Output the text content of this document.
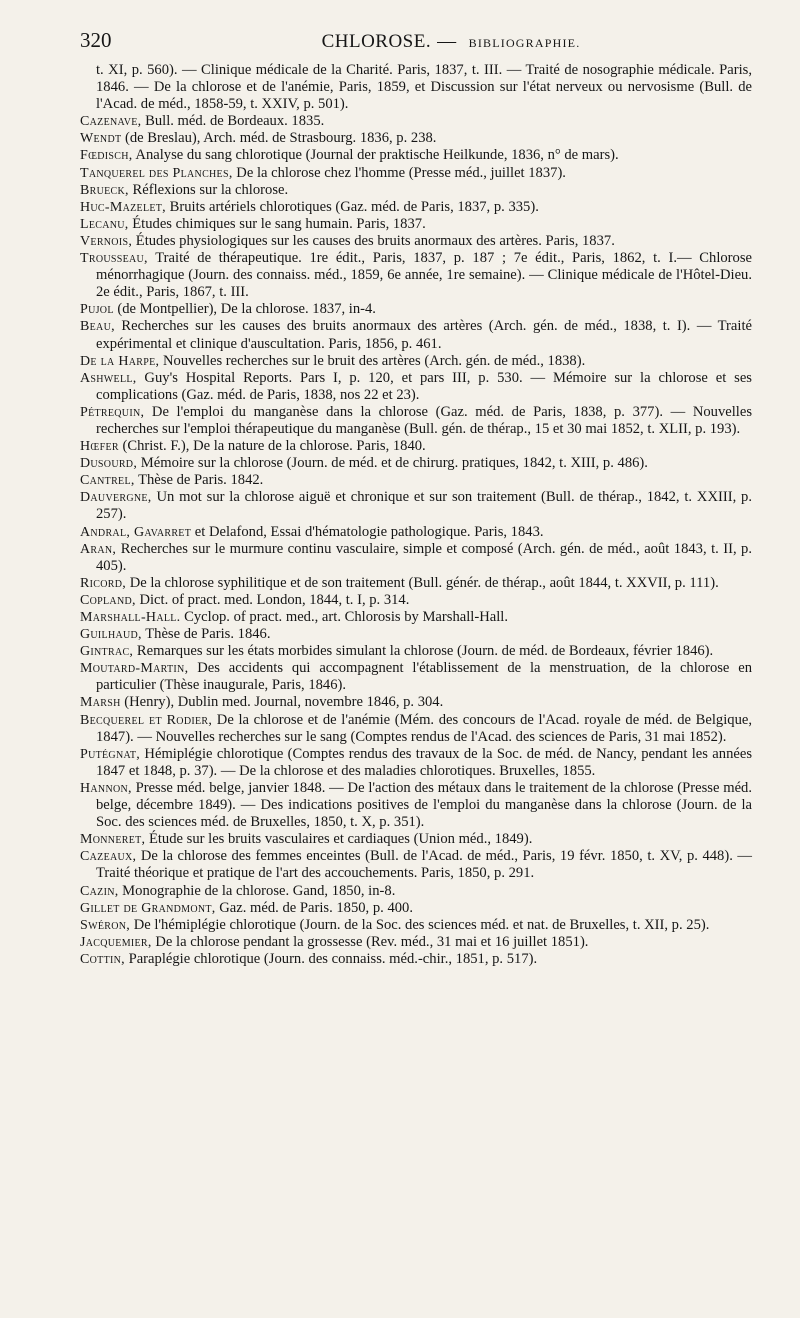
320	CHLOROSE. — BIBLIOGRAPHIE.
t. XI, p. 560). — Clinique médicale de la Charité. Paris, 1837, t. III. — Traité de nosographie médicale. Paris, 1846. — De la chlorose et de l'anémie, Paris, 1859, et Discussion sur l'état nerveux ou nervosisme (Bull. de l'Acad. de méd., 1858-59, t. XXIV, p. 501).
Cazenave, Bull. méd. de Bordeaux. 1835.
Wendt (de Breslau), Arch. méd. de Strasbourg. 1836, p. 238.
Fœdisch, Analyse du sang chlorotique (Journal der praktische Heilkunde, 1836, n° de mars).
Tanquerel des Planches, De la chlorose chez l'homme (Presse méd., juillet 1837).
Brueck, Réflexions sur la chlorose.
Huc-Mazelet, Bruits artériels chlorotiques (Gaz. méd. de Paris, 1837, p. 335).
Lecanu, Études chimiques sur le sang humain. Paris, 1837.
Vernois, Études physiologiques sur les causes des bruits anormaux des artères. Paris, 1837.
Trousseau, Traité de thérapeutique. 1re édit., Paris, 1837, p. 187 ; 7e édit., Paris, 1862, t. I.— Chlorose ménorrhagique (Journ. des connaiss. méd., 1859, 6e année, 1re semaine). — Clinique médicale de l'Hôtel-Dieu. 2e édit., Paris, 1867, t. III.
Pujol (de Montpellier), De la chlorose. 1837, in-4.
Beau, Recherches sur les causes des bruits anormaux des artères (Arch. gén. de méd., 1838, t. I). — Traité expérimental et clinique d'auscultation. Paris, 1856, p. 461.
De la Harpe, Nouvelles recherches sur le bruit des artères (Arch. gén. de méd., 1838).
Ashwell, Guy's Hospital Reports. Pars I, p. 120, et pars III, p. 530. — Mémoire sur la chlorose et ses complications (Gaz. méd. de Paris, 1838, nos 22 et 23).
Pétrequin, De l'emploi du manganèse dans la chlorose (Gaz. méd. de Paris, 1838, p. 377). — Nouvelles recherches sur l'emploi thérapeutique du manganèse (Bull. gén. de thérap., 15 et 30 mai 1852, t. XLII, p. 193).
Hœfer (Christ. F.), De la nature de la chlorose. Paris, 1840.
Dusourd, Mémoire sur la chlorose (Journ. de méd. et de chirurg. pratiques, 1842, t. XIII, p. 486).
Cantrel, Thèse de Paris. 1842.
Dauvergne, Un mot sur la chlorose aiguë et chronique et sur son traitement (Bull. de thérap., 1842, t. XXIII, p. 257).
Andral, Gavarret et Delafond, Essai d'hématologie pathologique. Paris, 1843.
Aran, Recherches sur le murmure continu vasculaire, simple et composé (Arch. gén. de méd., août 1843, t. II, p. 405).
Ricord, De la chlorose syphilitique et de son traitement (Bull. génér. de thérap., août 1844, t. XXVII, p. 111).
Copland, Dict. of pract. med. London, 1844, t. I, p. 314.
Marshall-Hall. Cyclop. of pract. med., art. Chlorosis by Marshall-Hall.
Guilhaud, Thèse de Paris. 1846.
Gintrac, Remarques sur les états morbides simulant la chlorose (Journ. de méd. de Bordeaux, février 1846).
Moutard-Martin, Des accidents qui accompagnent l'établissement de la menstruation, de la chlorose en particulier (Thèse inaugurale, Paris, 1846).
Marsh (Henry), Dublin med. Journal, novembre 1846, p. 304.
Becquerel et Rodier, De la chlorose et de l'anémie (Mém. des concours de l'Acad. royale de méd. de Belgique, 1847). — Nouvelles recherches sur le sang (Comptes rendus de l'Acad. des sciences de Paris, 31 mai 1852).
Putégnat, Hémiplégie chlorotique (Comptes rendus des travaux de la Soc. de méd. de Nancy, pendant les années 1847 et 1848, p. 37). — De la chlorose et des maladies chlorotiques. Bruxelles, 1855.
Hannon, Presse méd. belge, janvier 1848. — De l'action des métaux dans le traitement de la chlorose (Presse méd. belge, décembre 1849). — Des indications positives de l'emploi du manganèse dans la chlorose (Journ. de la Soc. des sciences méd. de Bruxelles, 1850, t. X, p. 351).
Monneret, Étude sur les bruits vasculaires et cardiaques (Union méd., 1849).
Cazeaux, De la chlorose des femmes enceintes (Bull. de l'Acad. de méd., Paris, 19 févr. 1850, t. XV, p. 448). — Traité théorique et pratique de l'art des accouchements. Paris, 1850, p. 291.
Cazin, Monographie de la chlorose. Gand, 1850, in-8.
Gillet de Grandmont, Gaz. méd. de Paris. 1850, p. 400.
Swéron, De l'hémiplégie chlorotique (Journ. de la Soc. des sciences méd. et nat. de Bruxelles, t. XII, p. 25).
Jacquemier, De la chlorose pendant la grossesse (Rev. méd., 31 mai et 16 juillet 1851).
Cottin, Paraplégie chlorotique (Journ. des connaiss. méd.-chir., 1851, p. 517).
